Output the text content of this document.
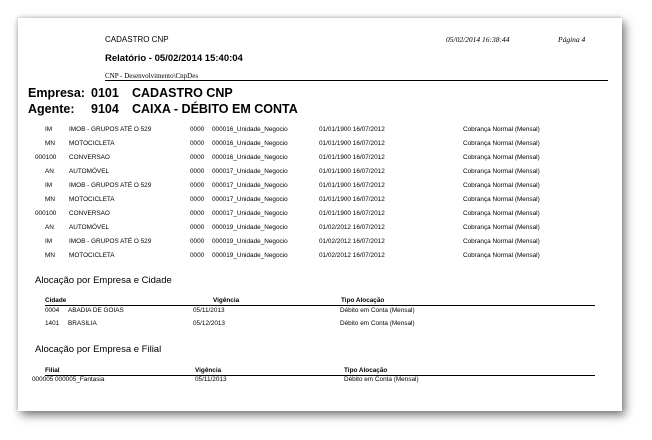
CADASTRO CNP	05/02/2014 16:38:44	Página 4
Relatório - 05/02/2014 15:40:04
CNP - Desenvolvimento\CnpDes
Empresa: 0101 CADASTRO CNP
Agente: 9104 CAIXA - DÉBITO EM CONTA
IM	IMOB - GRUPOS ATÉ O 529	0000 000016_Unidade_Negocio	01/01/1900 16/07/2012	Cobrança Normal (Mensal)
MN MOTOCICLETA	0000 000016_Unidade_Negocio	01/01/1900 16/07/2012	Cobrança Normal (Mensal)
000100 CONVERSAO	0000 000016_Unidade_Negocio	01/01/1900 16/07/2012	Cobrança Normal (Mensal)
AN AUTOMÓVEL	0000 000017_Unidade_Negocio	01/01/1900 16/07/2012	Cobrança Normal (Mensal)
IM	IMOB - GRUPOS ATÉ O 529	0000 000017_Unidade_Negocio	01/01/1900 16/07/2012	Cobrança Normal (Mensal)
MN MOTOCICLETA	0000 000017_Unidade_Negocio	01/01/1900 16/07/2012	Cobrança Normal (Mensal)
000100 CONVERSAO	0000 000017_Unidade_Negocio	01/01/1900 16/07/2012	Cobrança Normal (Mensal)
AN AUTOMÓVEL	0000 000019_Unidade_Negocio	01/02/2012 16/07/2012	Cobrança Normal (Mensal)
IM	IMOB - GRUPOS ATÉ O 529	0000 000019_Unidade_Negocio	01/02/2012 16/07/2012	Cobrança Normal (Mensal)
MN MOTOCICLETA	0000 000019_Unidade_Negocio	01/02/2012 16/07/2012	Cobrança Normal (Mensal)
Alocação por Empresa e Cidade
Cidade	Vigência	Tipo Alocação
0004 ABADIA DE GOIAS	05/11/2013	Débito em Conta (Mensal)
1401 BRASILIA	05/12/2013	Débito em Conta (Mensal)
Alocação por Empresa e Filial
Filial	Vigência	Tipo Alocação
000005 000005_Fantasia	05/11/2013	Débito em Conta (Mensal)
